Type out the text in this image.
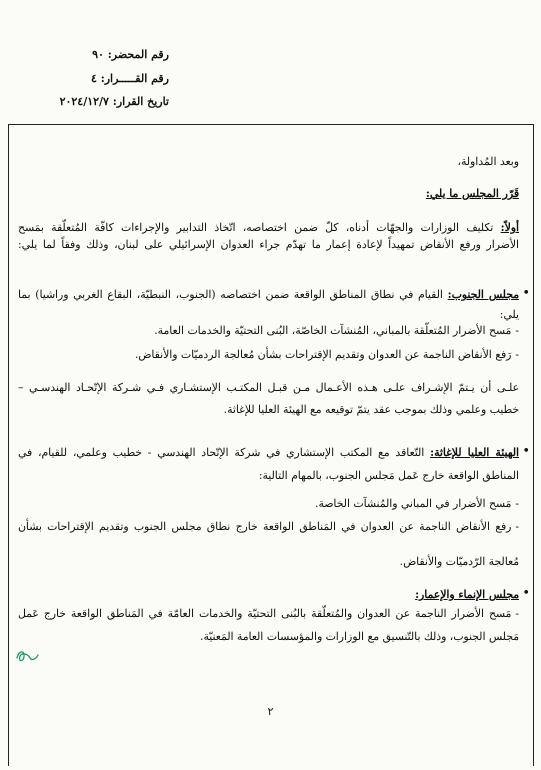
رقم المحضر: ٩٠
رقم القـــــرار: ٤
تاريخ القرار: ٢٠٢٤/١٢/٧
وبعد المُداولة،
قَرّر المجلس ما يلي:
أولاً: تكليف الوزارات والجهّات أدناه، كلّ ضمن اختصاصه، اتّخاذ التدابير والإجراءات كافّة المُتعلّقة بمَسح
الأضرار ورفع الأنقاض تمهيداً لإعادة إعمار ما تهدّم جراء العدوان الإسرائيلي على لبنان، وذلك وفقاً لما يلي:
•
مجلس الجنوب: القيام في نطاق المناطق الواقعة ضمن اختصاصه (الجنوب، النبطيّة، البقاع الغربي وراشيا) بما
يلي:
-مَسح الأضرار المُتعلّقة بالمباني، المُنشآت الخاصّة، البُنى التحتيّة والخدمات العامة.
-رَفع الأنقاض الناجمة عن العدوان وتقديم الإقتراحات بشأن مُعالجة الردميّات والأنقاض.
علـى أن يـتمّ الإشـراف علـى هـذه الأعـمال مـن قبـل المكتـب الإستشـاري فـي شـركة الإتّحـاد الهندسـي –
خطيب وعلمي وذلك بموجب عقد يتمّ توقيعه مع الهيئة العليا للإغاثة.
•
الهيئة العليا للإغاثة: التّعاقد مع المكتب الإستشاري في شركة الإتّحاد الهندسي - خطيب وعلمي، للقيام، في
المناطق الواقعة خارج عَمل مَجلس الجنوب، بالمهام التالية:
-مَسح الأضرار في المباني والمُنشآت الخاصة.
-رفع الأنقاض الناجمة عن العدوان في المَناطق الواقعة خارج نطاق مجلس الجنوب وتقديم الإقتراحات بشأن
مُعالجة الرّدميّات والأنقاض.
•
مجلس الإنماء والإعمار:
-مَسح الأضرار الناجمة عن العدوان والمُتعلّقة بالبُنى التحتيّة والخدمات العامّة في المَناطق الواقعة خارج عَمل
مَجلس الجنوب، وذلك بالتّنسيق مع الوزارات والمؤسسات العامة المَعنيّة.
٢
